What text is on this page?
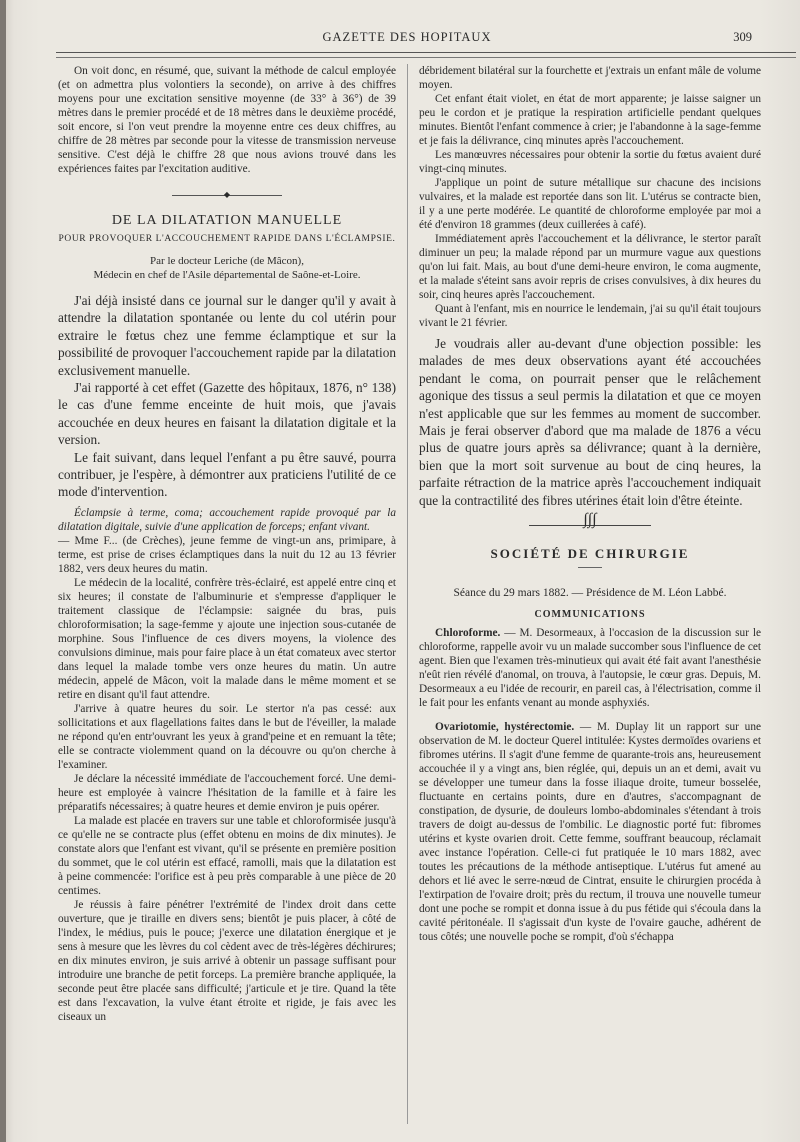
GAZETTE DES HOPITAUX	309

On voit donc, en résumé, que, suivant la méthode de calcul employée (et on admettra plus volontiers la seconde), on arrive à des chiffres moyens pour une excitation sensitive moyenne (de 33° à 36°) de 39 mètres dans le premier procédé et de 18 mètres dans le deuxième procédé, soit encore, si l'on veut prendre la moyenne entre ces deux chiffres, au chiffre de 28 mètres par seconde pour la vitesse de transmission nerveuse sensitive. C'est déjà le chiffre 28 que nous avions trouvé dans les expériences faites par l'excitation auditive.

◆
DE LA DILATATION MANUELLE
POUR PROVOQUER L'ACCOUCHEMENT RAPIDE DANS L'ÉCLAMPSIE.
Par le docteur Leriche (de Mâcon),
Médecin en chef de l'Asile départemental de Saône-et-Loire.

J'ai déjà insisté dans ce journal sur le danger qu'il y avait à attendre la dilatation spontanée ou lente du col utérin pour extraire le fœtus chez une femme éclamptique et sur la possibilité de provoquer l'accouchement rapide par la dilatation exclusivement manuelle.

J'ai rapporté à cet effet (Gazette des hôpitaux, 1876, n° 138) le cas d'une femme enceinte de huit mois, que j'avais accouchée en deux heures en faisant la dilatation digitale et la version.

Le fait suivant, dans lequel l'enfant a pu être sauvé, pourra contribuer, je l'espère, à démontrer aux praticiens l'utilité de ce mode d'intervention.

Éclampsie à terme, coma; accouchement rapide provoqué par la dilatation digitale, suivie d'une application de forceps; enfant vivant.

— Mme F... (de Crèches), jeune femme de vingt-un ans, primipare, à terme, est prise de crises éclamptiques dans la nuit du 12 au 13 février 1882, vers deux heures du matin.

Le médecin de la localité, confrère très-éclairé, est appelé entre cinq et six heures; il constate de l'albuminurie et s'empresse d'appliquer le traitement classique de l'éclampsie: saignée du bras, puis chloroformisation; la sage-femme y ajoute une injection sous-cutanée de morphine. Sous l'influence de ces divers moyens, la violence des convulsions diminue, mais pour faire place à un état comateux avec stertor dans lequel la malade tombe vers onze heures du matin. Un autre médecin, appelé de Mâcon, voit la malade dans le même moment et se retire en disant qu'il faut attendre.

J'arrive à quatre heures du soir. Le stertor n'a pas cessé: aux sollicitations et aux flagellations faites dans le but de l'éveiller, la malade ne répond qu'en entr'ouvrant les yeux à grand'peine et en remuant la tête; elle se contracte violemment quand on la découvre ou qu'on cherche à l'examiner.

Je déclare la nécessité immédiate de l'accouchement forcé. Une demi-heure est employée à vaincre l'hésitation de la famille et à faire les préparatifs nécessaires; à quatre heures et demie environ je puis opérer.

La malade est placée en travers sur une table et chloroformisée jusqu'à ce qu'elle ne se contracte plus (effet obtenu en moins de dix minutes). Je constate alors que l'enfant est vivant, qu'il se présente en première position du sommet, que le col utérin est effacé, ramolli, mais que la dilatation est à peine commencée: l'orifice est à peu près comparable à une pièce de 20 centimes.

Je réussis à faire pénétrer l'extrémité de l'index droit dans cette ouverture, que je tiraille en divers sens; bientôt je puis placer, à côté de l'index, le médius, puis le pouce; j'exerce une dilatation énergique et je sens à mesure que les lèvres du col cèdent avec de très-légères déchirures; en dix minutes environ, je suis arrivé à obtenir un passage suffisant pour introduire une branche de petit forceps. La première branche appliquée, la seconde peut être placée sans difficulté; j'articule et je tire. Quand la tête est dans l'excavation, la vulve étant étroite et rigide, je fais avec les ciseaux un

débridement bilatéral sur la fourchette et j'extrais un enfant mâle de volume moyen.

Cet enfant était violet, en état de mort apparente; je laisse saigner un peu le cordon et je pratique la respiration artificielle pendant quelques minutes. Bientôt l'enfant commence à crier; je l'abandonne à la sage-femme et je fais la délivrance, cinq minutes après l'accouchement.

Les manœuvres nécessaires pour obtenir la sortie du fœtus avaient duré vingt-cinq minutes.

J'applique un point de suture métallique sur chacune des incisions vulvaires, et la malade est reportée dans son lit. L'utérus se contracte bien, il y a une perte modérée. Le quantité de chloroforme employée par moi a été d'environ 18 grammes (deux cuillerées à café).

Immédiatement après l'accouchement et la délivrance, le stertor paraît diminuer un peu; la malade répond par un murmure vague aux questions qu'on lui fait. Mais, au bout d'une demi-heure environ, le coma augmente, et la malade s'éteint sans avoir repris de crises convulsives, à dix heures du soir, cinq heures après l'accouchement.

Quant à l'enfant, mis en nourrice le lendemain, j'ai su qu'il était toujours vivant le 21 février.

Je voudrais aller au-devant d'une objection possible: les malades de mes deux observations ayant été accouchées pendant le coma, on pourrait penser que le relâchement agonique des tissus a seul permis la dilatation et que ce moyen n'est applicable que sur les femmes au moment de succomber. Mais je ferai observer d'abord que ma malade de 1876 a vécu plus de quatre jours après sa délivrance; quant à la dernière, bien que la mort soit survenue au bout de cinq heures, la parfaite rétraction de la matrice après l'accouchement indiquait que la contractilité des fibres utérines était loin d'être éteinte.

∫∫∫
SOCIÉTÉ DE CHIRURGIE
Séance du 29 mars 1882. — Présidence de M. Léon Labbé.
COMMUNICATIONS

Chloroforme. — M. Desormeaux, à l'occasion de la discussion sur le chloroforme, rappelle avoir vu un malade succomber sous l'influence de cet agent. Bien que l'examen très-minutieux qui avait été fait avant l'anesthésie n'eût rien révélé d'anomal, on trouva, à l'autopsie, le cœur gras. Depuis, M. Desormeaux a eu l'idée de recourir, en pareil cas, à l'électrisation, comme il le fait pour les enfants venant au monde asphyxiés.

Ovariotomie, hystérectomie. — M. Duplay lit un rapport sur une observation de M. le docteur Querel intitulée: Kystes dermoïdes ovariens et fibromes utérins. Il s'agit d'une femme de quarante-trois ans, heureusement accouchée il y a vingt ans, bien réglée, qui, depuis un an et demi, avait vu se développer une tumeur dans la fosse iliaque droite, tumeur bosselée, fluctuante en certains points, dure en d'autres, s'accompagnant de constipation, de dysurie, de douleurs lombo-abdominales s'étendant à trois travers de doigt au-dessus de l'ombilic. Le diagnostic porté fut: fibromes utérins et kyste ovarien droit. Cette femme, souffrant beaucoup, réclamait avec instance l'opération. Celle-ci fut pratiquée le 10 mars 1882, avec toutes les précautions de la méthode antiseptique. L'utérus fut amené au dehors et lié avec le serre-nœud de Cintrat, ensuite le chirurgien procéda à l'extirpation de l'ovaire droit; près du rectum, il trouva une nouvelle tumeur dont une poche se rompit et donna issue à du pus fétide qui s'écoula dans la cavité péritonéale. Il s'agissait d'un kyste de l'ovaire gauche, adhérent de tous côtés; une nouvelle poche se rompit, d'où s'échappa
